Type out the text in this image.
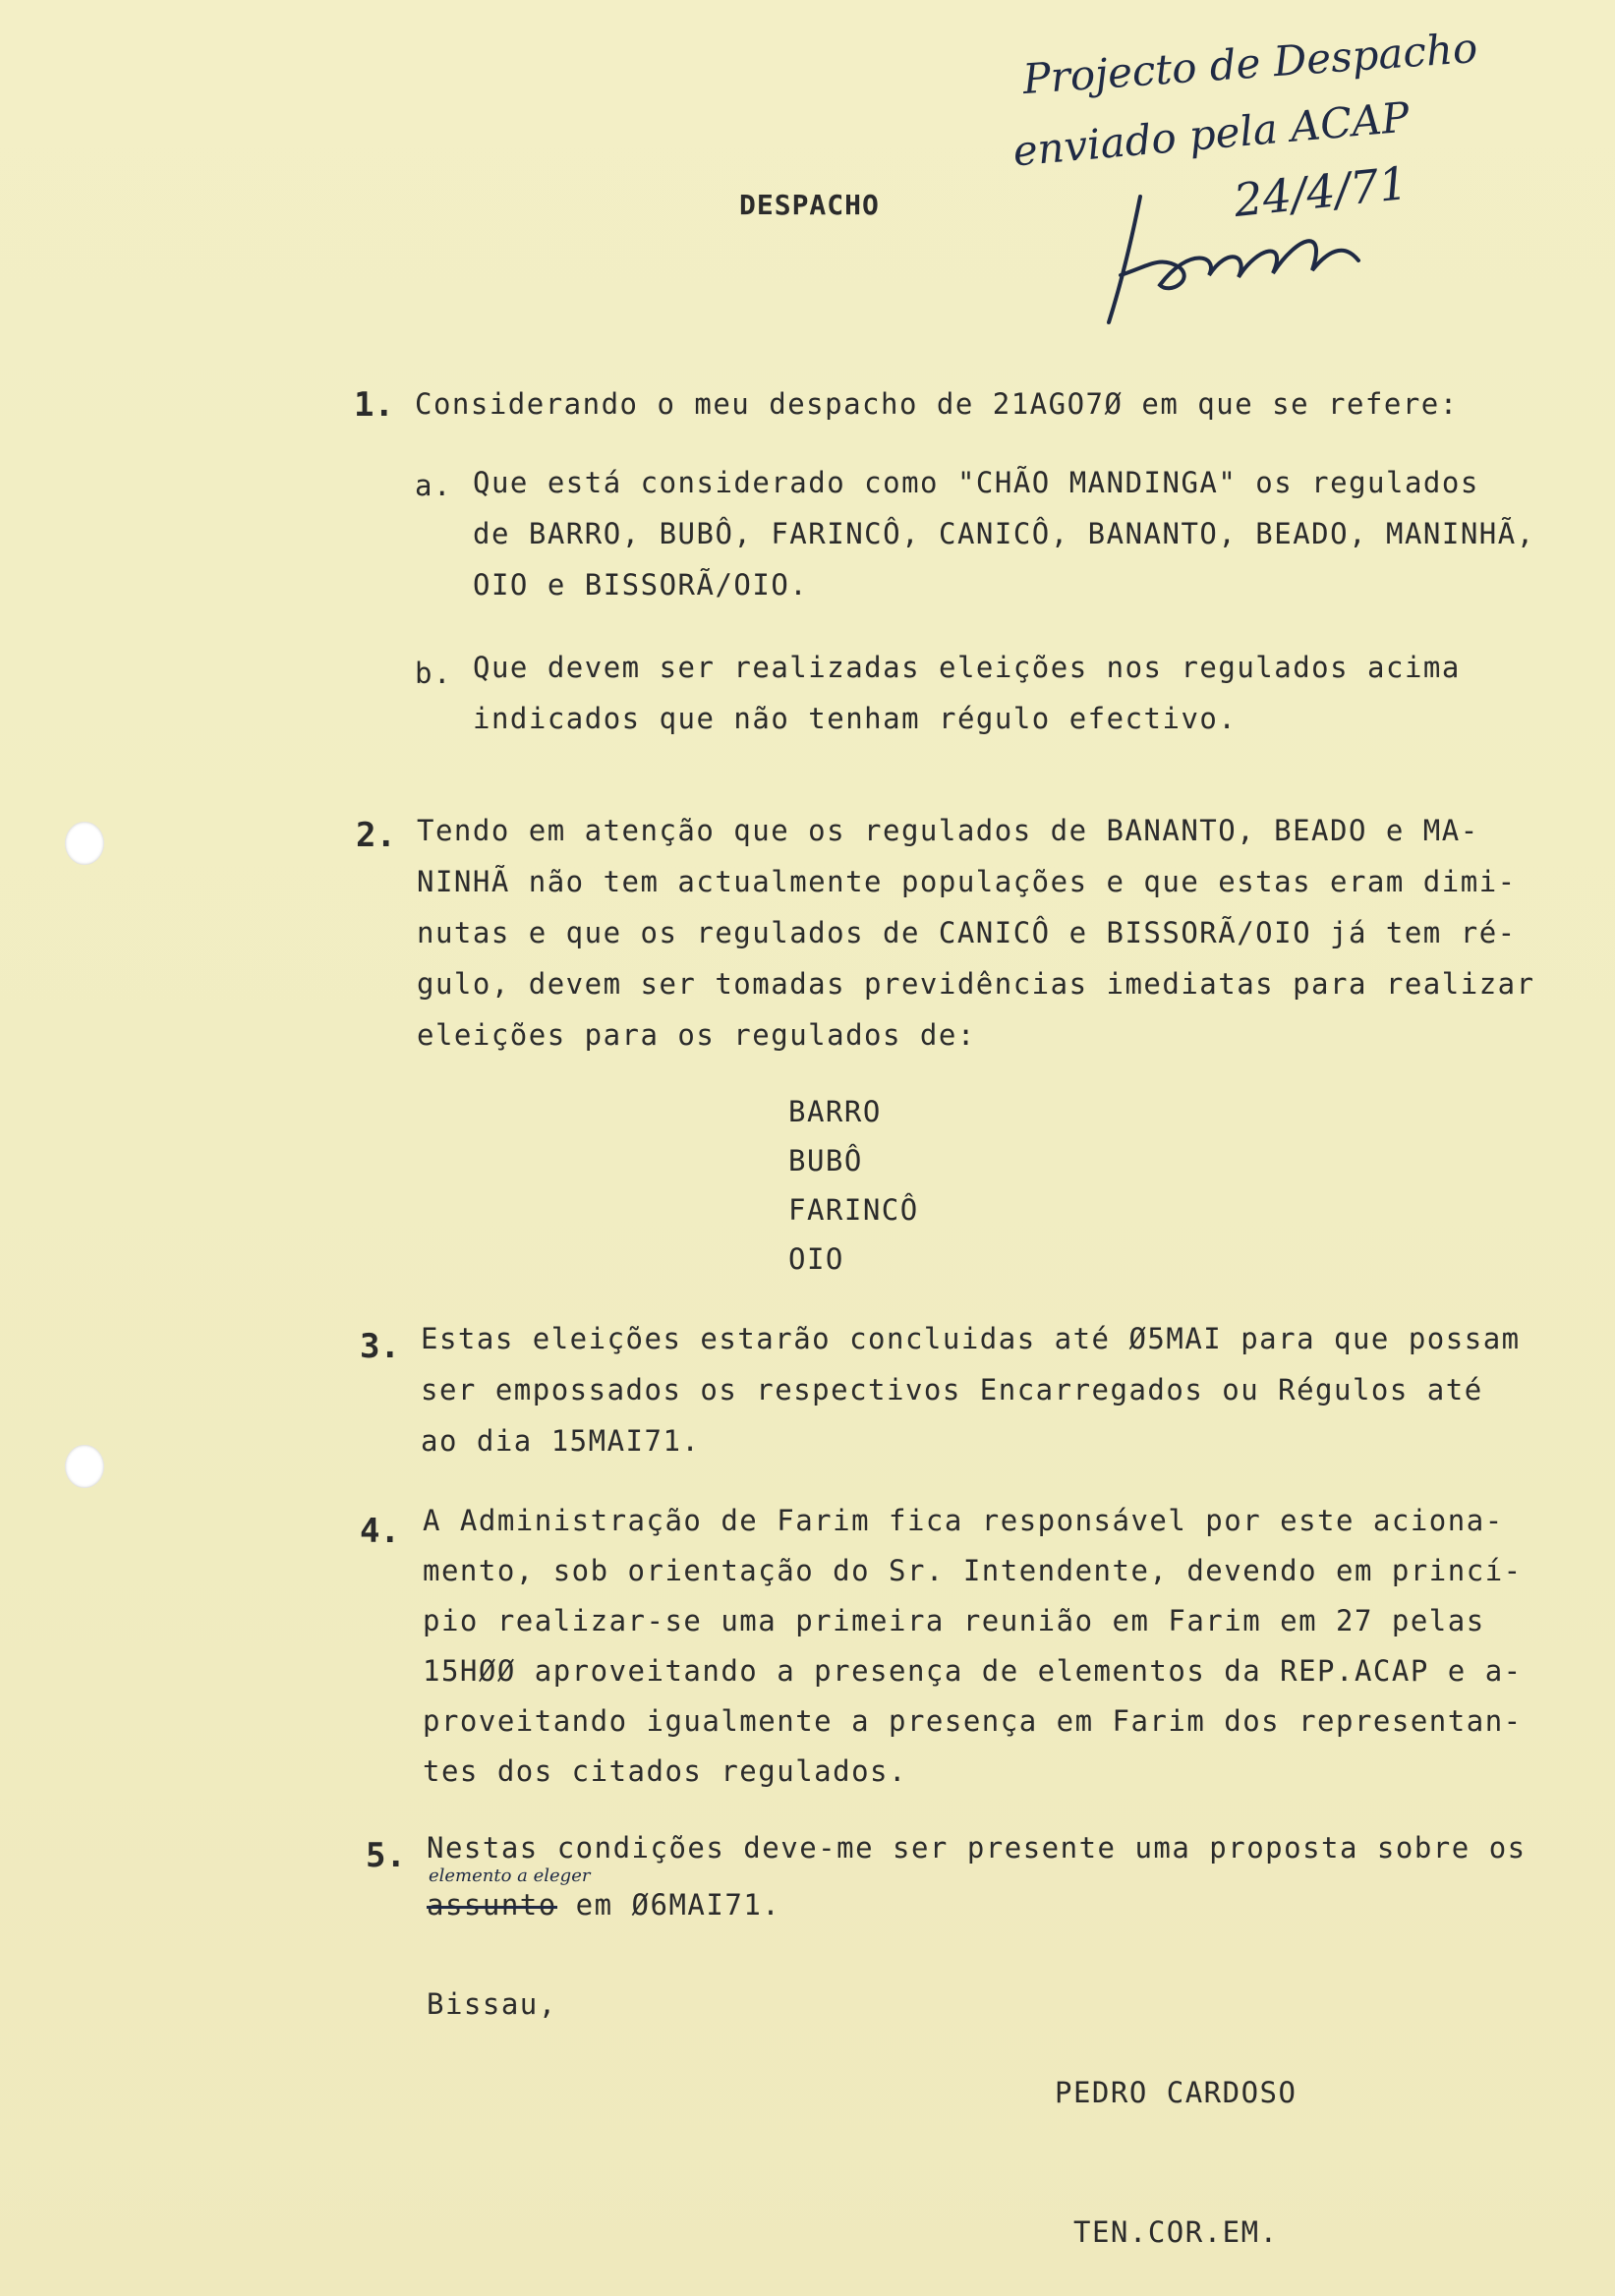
Projecto de Despacho
enviado pela ACAP
24/4/71
DESPACHO
1. Considerando o meu despacho de 21AGO7Ø em que se refere:
a. Que está considerado como "CHÃO MANDINGA" os regulados
de BARRO, BUBÔ, FARINCÔ, CANICÔ, BANANTO, BEADO, MANINHÃ,
OIO e BISSORÃ/OIO.
b. Que devem ser realizadas eleições nos regulados acima
indicados que não tenham régulo efectivo.
2. Tendo em atenção que os regulados de BANANTO, BEADO e MA-
NINHÃ não tem actualmente populações e que estas eram dimi-
nutas e que os regulados de CANICÔ e BISSORÃ/OIO já tem ré-
gulo, devem ser tomadas previdências imediatas para realizar
eleições para os regulados de:
BARRO
BUBÔ
FARINCÔ
OIO
3. Estas eleições estarão concluidas até Ø5MAI para que possam
ser empossados os respectivos Encarregados ou Régulos até
ao dia 15MAI71.
4. A Administração de Farim fica responsável por este aciona-
mento, sob orientação do Sr. Intendente, devendo em princí-
pio realizar-se uma primeira reunião em Farim em 27 pelas
15HØØ aproveitando a presença de elementos da REP.ACAP e a-
proveitando igualmente a presença em Farim dos representan-
tes dos citados regulados.
5. Nestas condições deve-me ser presente uma proposta sobre os
elemento a eleger
assunto em Ø6MAI71.
Bissau,
PEDRO CARDOSO
TEN.COR.EM.
